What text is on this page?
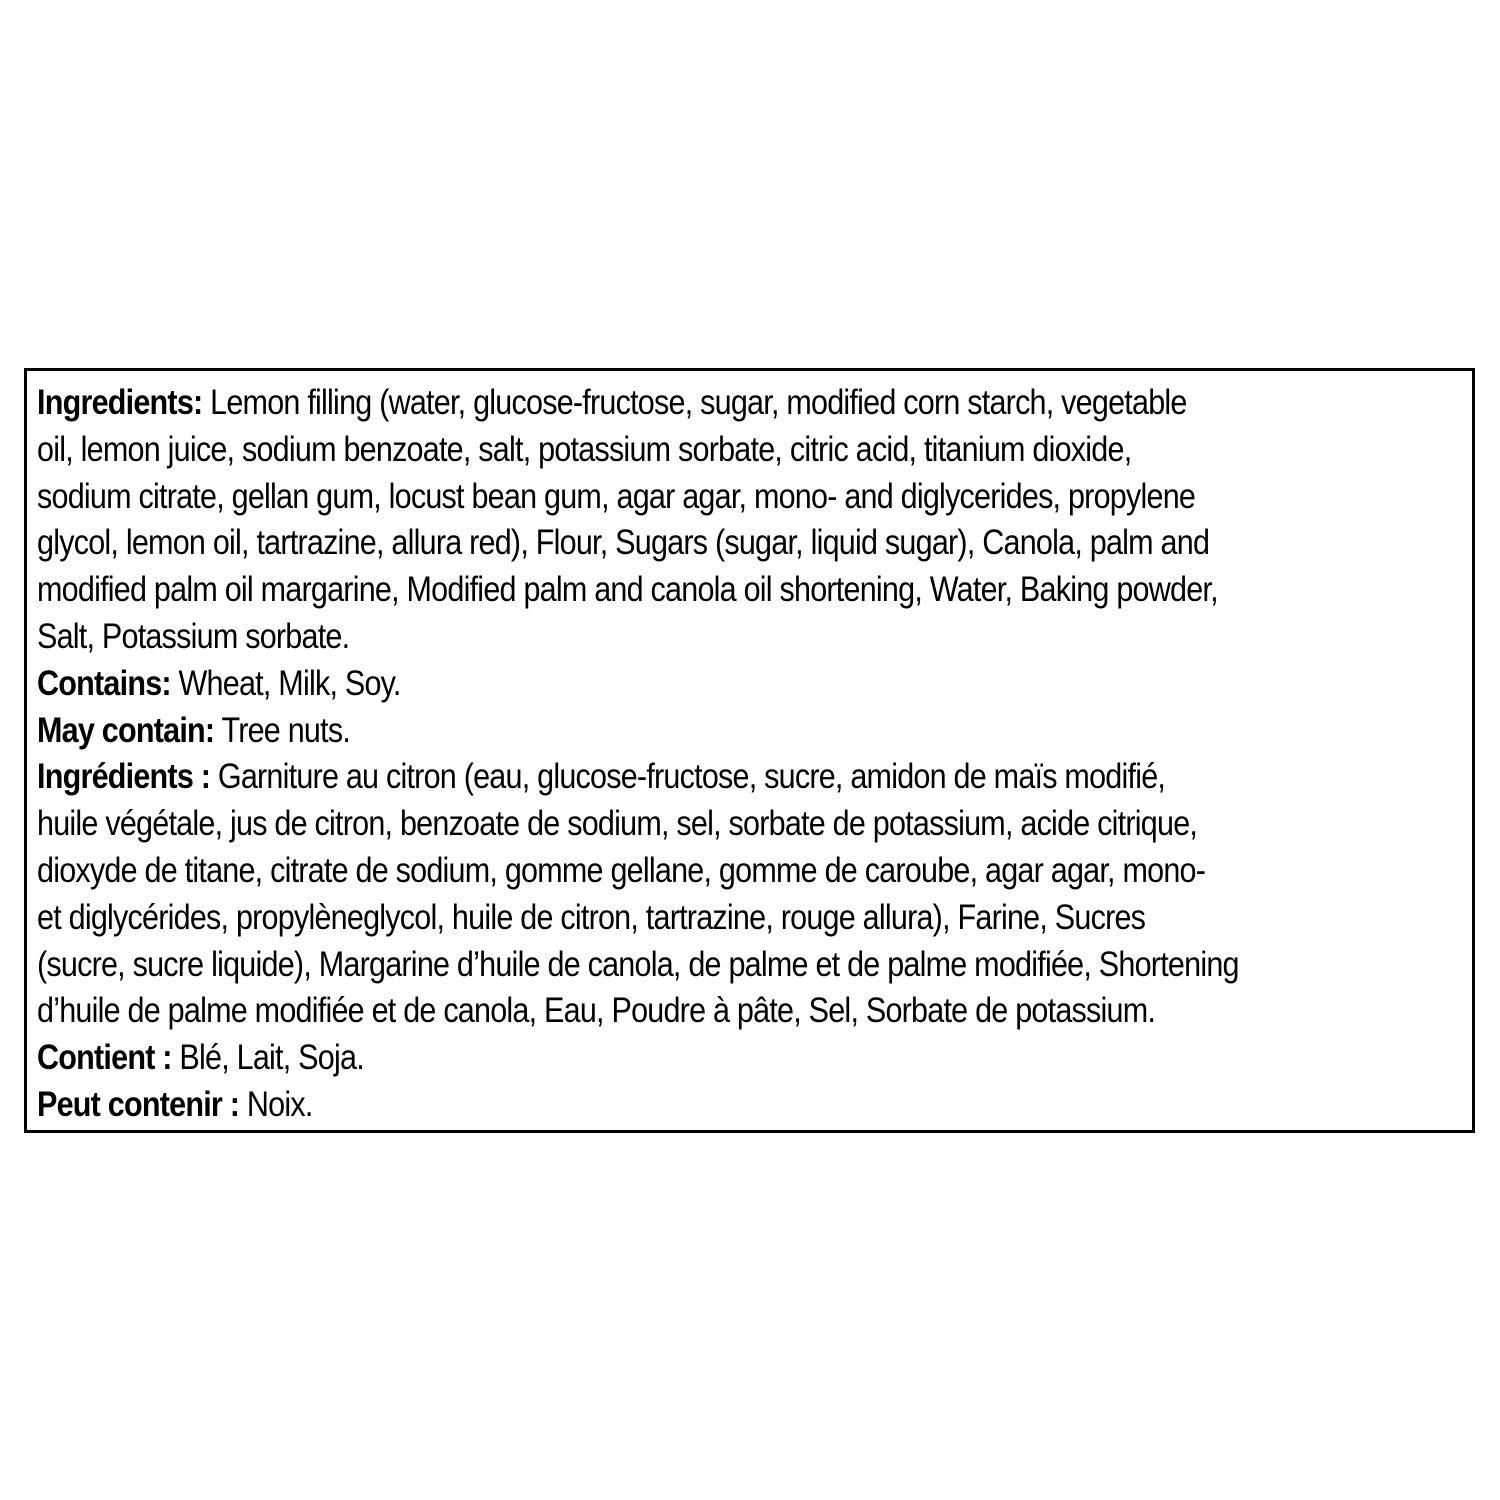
Ingredients: Lemon filling (water, glucose-fructose, sugar, modified corn starch, vegetable
oil, lemon juice, sodium benzoate, salt, potassium sorbate, citric acid, titanium dioxide,
sodium citrate, gellan gum, locust bean gum, agar agar, mono- and diglycerides, propylene
glycol, lemon oil, tartrazine, allura red), Flour, Sugars (sugar, liquid sugar), Canola, palm and
modified palm oil margarine, Modified palm and canola oil shortening, Water, Baking powder,
Salt, Potassium sorbate.
Contains: Wheat, Milk, Soy.
May contain: Tree nuts.
Ingrédients : Garniture au citron (eau, glucose-fructose, sucre, amidon de maïs modifié,
huile végétale, jus de citron, benzoate de sodium, sel, sorbate de potassium, acide citrique,
dioxyde de titane, citrate de sodium, gomme gellane, gomme de caroube, agar agar, mono-
et diglycérides, propylèneglycol, huile de citron, tartrazine, rouge allura), Farine, Sucres
(sucre, sucre liquide), Margarine d’huile de canola, de palme et de palme modifiée, Shortening
d’huile de palme modifiée et de canola, Eau, Poudre à pâte, Sel, Sorbate de potassium.
Contient : Blé, Lait, Soja.
Peut contenir : Noix.
